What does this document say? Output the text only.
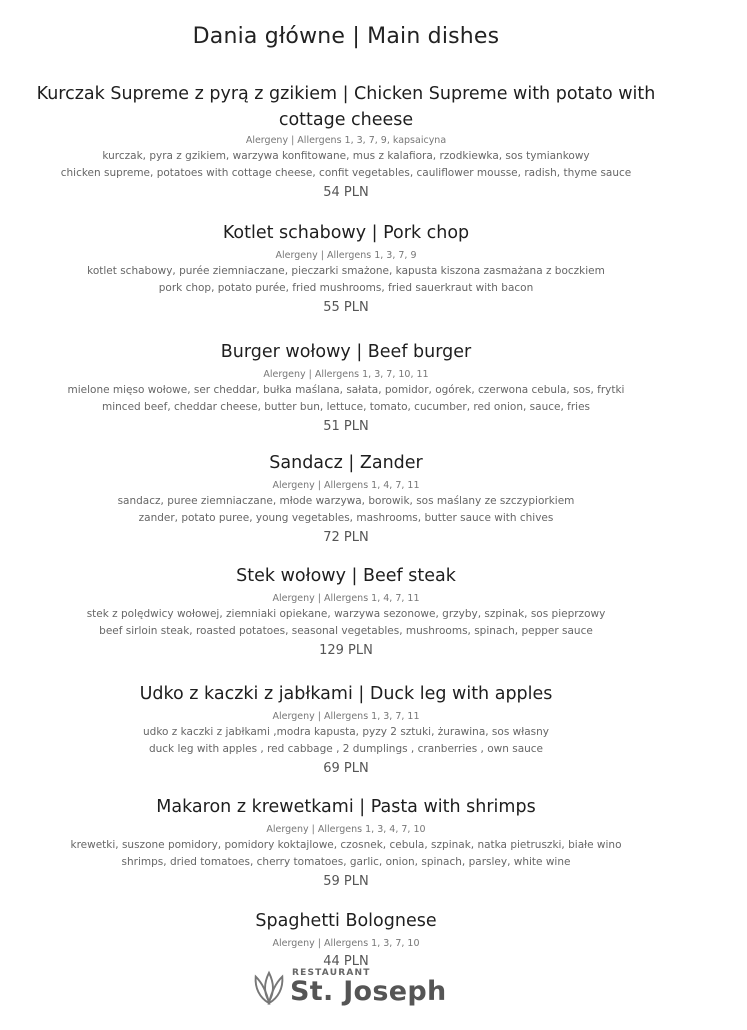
Dania główne | Main dishes
Kurczak Supreme z pyrą z gzikiem | Chicken Supreme with potato with cottage cheese
Alergeny | Allergens 1, 3, 7, 9, kapsaicyna
kurczak, pyra z gzikiem, warzywa konfitowane, mus z kalafiora, rzodkiewka, sos tymiankowy
chicken supreme, potatoes with cottage cheese, confit vegetables, cauliflower mousse, radish, thyme sauce
54 PLN
Kotlet schabowy | Pork chop
Alergeny | Allergens 1, 3, 7, 9
kotlet schabowy, purée ziemniaczane, pieczarki smażone, kapusta kiszona zasmażana z boczkiem
pork chop, potato purée, fried mushrooms, fried sauerkraut with bacon
55 PLN
Burger wołowy | Beef burger
Alergeny | Allergens 1, 3, 7, 10, 11
mielone mięso wołowe, ser cheddar, bułka maślana, sałata, pomidor, ogórek, czerwona cebula, sos, frytki
minced beef, cheddar cheese, butter bun, lettuce, tomato, cucumber, red onion, sauce, fries
51 PLN
Sandacz | Zander
Alergeny | Allergens 1, 4, 7, 11
sandacz, puree ziemniaczane, młode warzywa, borowik, sos maślany ze szczypiorkiem
zander, potato puree, young vegetables, mashrooms, butter sauce with chives
72 PLN
Stek wołowy | Beef steak
Alergeny | Allergens 1, 4, 7, 11
stek z polędwicy wołowej, ziemniaki opiekane, warzywa sezonowe, grzyby, szpinak, sos pieprzowy
beef sirloin steak, roasted potatoes, seasonal vegetables, mushrooms, spinach, pepper sauce
129 PLN
Udko z kaczki z jabłkami | Duck leg with apples
Alergeny | Allergens 1, 3, 7, 11
udko z kaczki z jabłkami ,modra kapusta, pyzy 2 sztuki, żurawina, sos własny
duck leg with apples , red cabbage , 2 dumplings , cranberries , own sauce
69 PLN
Makaron z krewetkami | Pasta with shrimps
Alergeny | Allergens 1, 3, 4, 7, 10
krewetki, suszone pomidory, pomidory koktajlowe, czosnek, cebula, szpinak, natka pietruszki, białe wino
shrimps, dried tomatoes, cherry tomatoes, garlic, onion, spinach, parsley, white wine
59 PLN
Spaghetti Bolognese
Alergeny | Allergens 1, 3, 7, 10
44 PLN
RESTAURANT
St. Joseph
